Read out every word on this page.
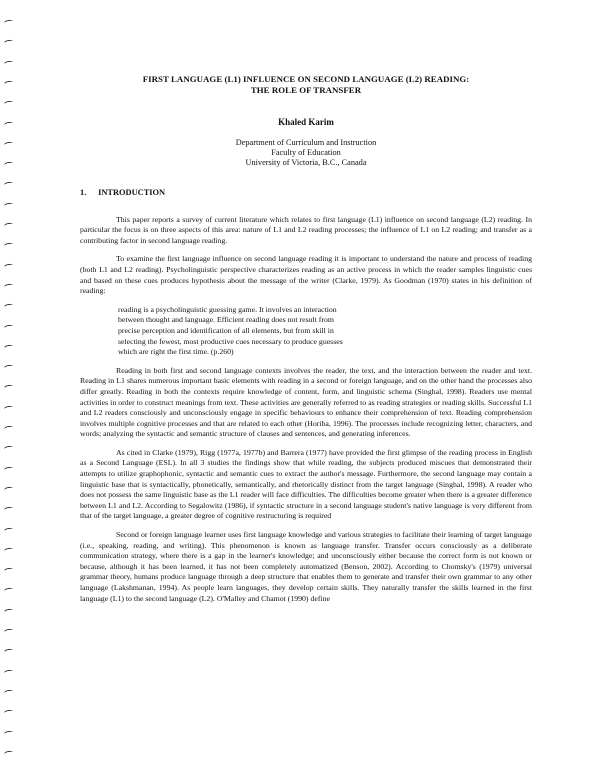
FIRST LANGUAGE (L1) INFLUENCE ON SECOND LANGUAGE (L2) READING:
THE ROLE OF TRANSFER
Khaled Karim
Department of Curriculum and Instruction
Faculty of Education
University of Victoria, B.C., Canada
1. INTRODUCTION

This paper reports a survey of current literature which relates to first language (L1) influence on second language (L2) reading. In particular the focus is on three aspects of this area: nature of L1 and L2 reading processes; the influence of L1 on L2 reading; and transfer as a contributing factor in second language reading.

To examine the first language influence on second language reading it is important to understand the nature and process of reading (both L1 and L2 reading). Psycholinguistic perspective characterizes reading as an active process in which the reader samples linguistic cues and based on these cues produces hypothesis about the message of the writer (Clarke, 1979). As Goodman (1970) states in his definition of reading:

reading is a psycholinguistic guessing game. It involves an interaction
between thought and language. Efficient reading does not result from
precise perception and identification of all elements, but from skill in
selecting the fewest, most productive cues necessary to produce guesses
which are right the first time. (p.260)

Reading in both first and second language contexts involves the reader, the text, and the interaction between the reader and text. Reading in L1 shares numerous important basic elements with reading in a second or foreign language, and on the other hand the processes also differ greatly. Reading in both the contexts require knowledge of content, form, and linguistic schema (Singhal, 1998). Readers use mental activities in order to construct meanings from text. These activities are generally referred to as reading strategies or reading skills. Successful L1 and L2 readers consciously and unconsciously engage in specific behaviours to enhance their comprehension of text. Reading comprehension involves multiple cognitive processes and that are related to each other (Horiba, 1996). The processes include recognizing letter, characters, and words; analyzing the syntactic and semantic structure of clauses and sentences, and generating inferences.

As cited in Clarke (1979), Rigg (1977a, 1977b) and Barrera (1977) have provided the first glimpse of the reading process in English as a Second Language (ESL). In all 3 studies the findings show that while reading, the subjects produced miscues that demonstrated their attempts to utilize graphophonic, syntactic and semantic cues to extract the author's message. Furthermore, the second language may contain a linguistic base that is syntactically, phonetically, semantically, and rhetorically distinct from the target language (Singhal, 1998). A reader who does not possess the same linguistic base as the L1 reader will face difficulties. The difficulties become greater when there is a greater difference between L1 and L2. According to Segalowitz (1986), if syntactic structure in a second language student's native language is very different from that of the target language, a greater degree of cognitive restructuring is required

Second or foreign language learner uses first language knowledge and various strategies to facilitate their learning of target language (i.e., speaking, reading, and writing). This phenomenon is known as language transfer. Transfer occurs consciously as a deliberate communication strategy, where there is a gap in the learner's knowledge; and unconsciously either because the correct form is not known or because, although it has been learned, it has not been completely automatized (Benson, 2002). According to Chomsky's (1979) universal grammar theory, humans produce language through a deep structure that enables them to generate and transfer their own grammar to any other language (Lakshmanan, 1994). As people learn languages, they develop certain skills. They naturally transfer the skills learned in the first language (L1) to the second language (L2). O'Malley and Chamot (1990) define
